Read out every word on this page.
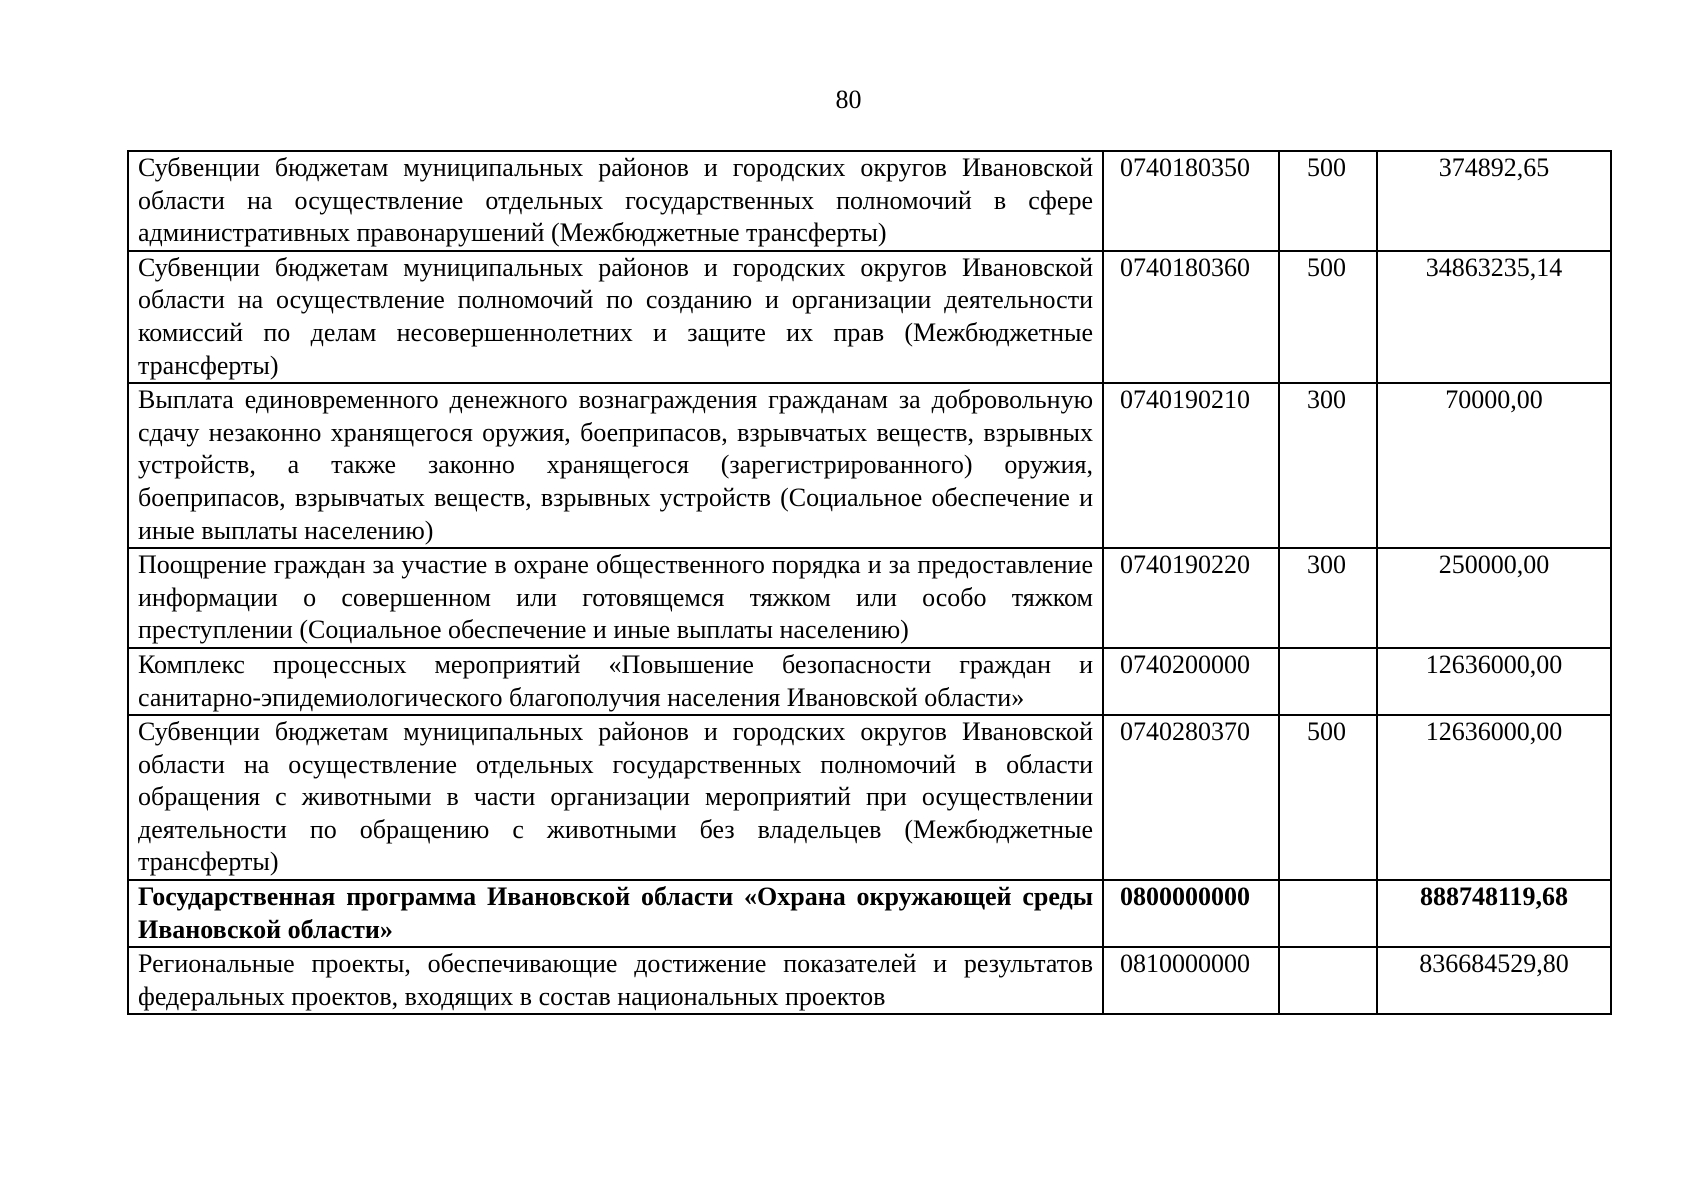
80
Субвенции бюджетам муниципальных районов и городских округов Ивановской области на осуществление отдельных государственных полномочий в сфере административных правонарушений (Межбюджетные трансферты)	0740180350	500	374892,65
Субвенции бюджетам муниципальных районов и городских округов Ивановской области на осуществление полномочий по созданию и организации деятельности комиссий по делам несовершеннолетних и защите их прав (Межбюджетные трансферты)	0740180360	500	34863235,14
Выплата единовременного денежного вознаграждения гражданам за добровольную сдачу незаконно хранящегося оружия, боеприпасов, взрывчатых веществ, взрывных устройств, а также законно хранящегося (зарегистрированного) оружия, боеприпасов, взрывчатых веществ, взрывных устройств (Социальное обеспечение и иные выплаты населению)	0740190210	300	70000,00
Поощрение граждан за участие в охране общественного порядка и за предоставление информации о совершенном или готовящемся тяжком или особо тяжком преступлении (Социальное обеспечение и иные выплаты населению)	0740190220	300	250000,00
Комплекс процессных мероприятий «Повышение безопасности граждан и санитарно-эпидемиологического благополучия населения Ивановской области»	0740200000		12636000,00
Субвенции бюджетам муниципальных районов и городских округов Ивановской области на осуществление отдельных государственных полномочий в области обращения с животными в части организации мероприятий при осуществлении деятельности по обращению с животными без владельцев (Межбюджетные трансферты)	0740280370	500	12636000,00
Государственная программа Ивановской области «Охрана окружающей среды Ивановской области»	0800000000		888748119,68
Региональные проекты, обеспечивающие достижение показателей и результатов федеральных проектов, входящих в состав национальных проектов	0810000000		836684529,80
